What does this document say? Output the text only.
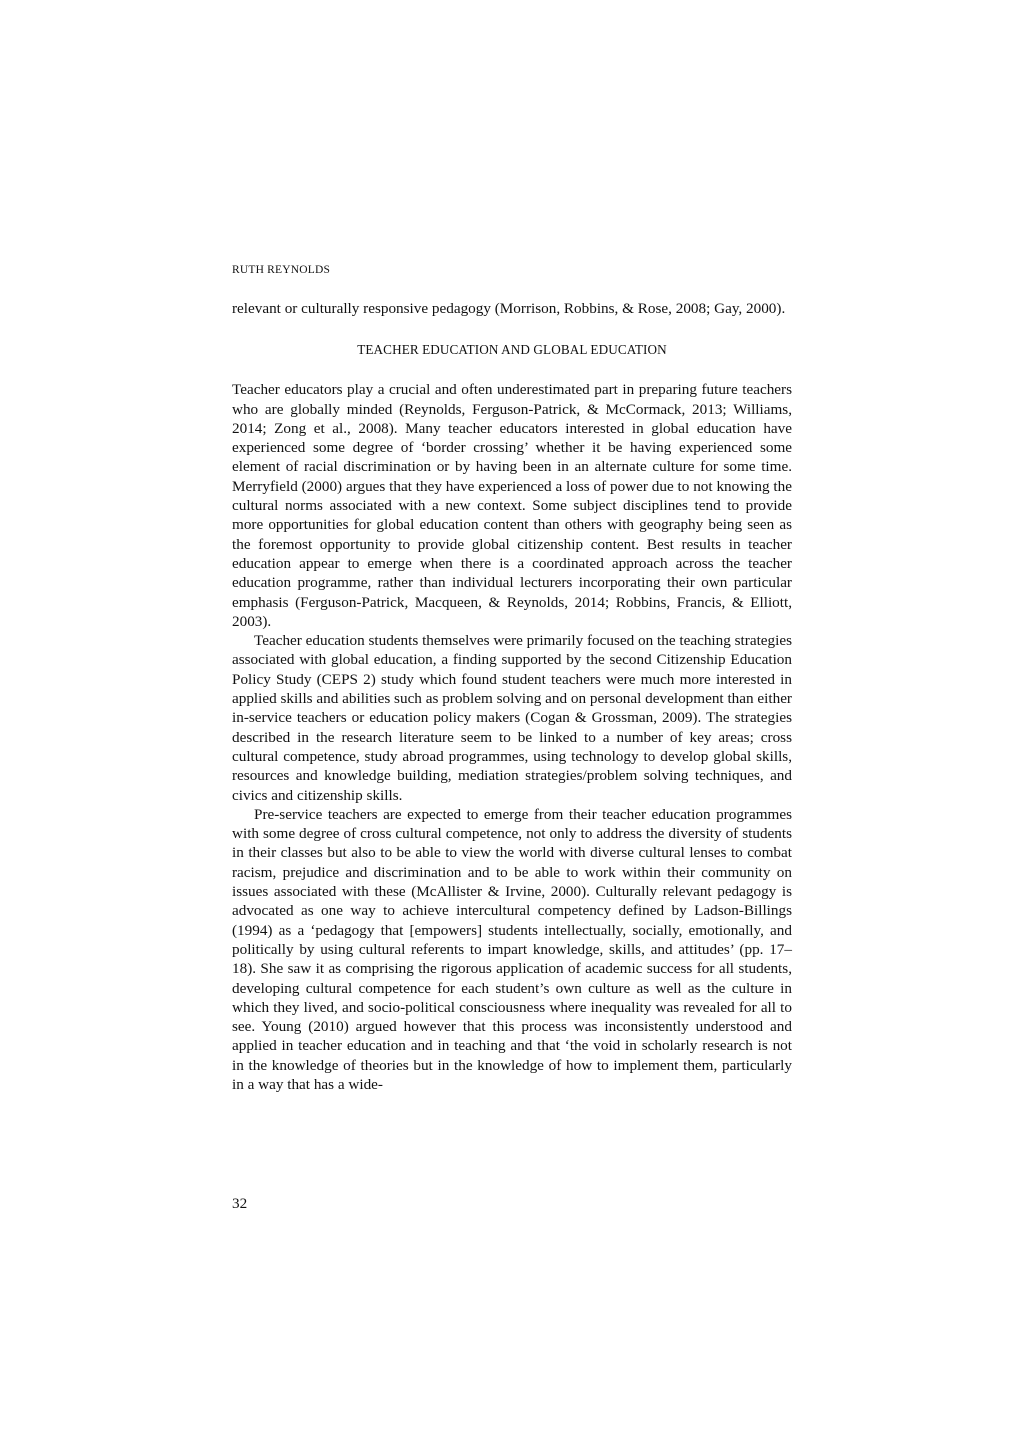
RUTH REYNOLDS

relevant or culturally responsive pedagogy (Morrison, Robbins, & Rose, 2008; Gay, 2000).

TEACHER EDUCATION AND GLOBAL EDUCATION

Teacher educators play a crucial and often underestimated part in preparing future teachers who are globally minded (Reynolds, Ferguson-Patrick, & McCormack, 2013; Williams, 2014; Zong et al., 2008). Many teacher educators interested in global education have experienced some degree of ‘border crossing’ whether it be having experienced some element of racial discrimination or by having been in an alternate culture for some time. Merryfield (2000) argues that they have experienced a loss of power due to not knowing the cultural norms associated with a new context. Some subject disciplines tend to provide more opportunities for global education content than others with geography being seen as the foremost opportunity to provide global citizenship content. Best results in teacher education appear to emerge when there is a coordinated approach across the teacher education programme, rather than individual lecturers incorporating their own particular emphasis (Ferguson-Patrick, Macqueen, & Reynolds, 2014; Robbins, Francis, & Elliott, 2003).

Teacher education students themselves were primarily focused on the teaching strategies associated with global education, a finding supported by the second Citizenship Education Policy Study (CEPS 2) study which found student teachers were much more interested in applied skills and abilities such as problem solving and on personal development than either in-service teachers or education policy makers (Cogan & Grossman, 2009). The strategies described in the research literature seem to be linked to a number of key areas; cross cultural competence, study abroad programmes, using technology to develop global skills, resources and knowledge building, mediation strategies/problem solving techniques, and civics and citizenship skills.

Pre-service teachers are expected to emerge from their teacher education programmes with some degree of cross cultural competence, not only to address the diversity of students in their classes but also to be able to view the world with diverse cultural lenses to combat racism, prejudice and discrimination and to be able to work within their community on issues associated with these (McAllister & Irvine, 2000). Culturally relevant pedagogy is advocated as one way to achieve intercultural competency defined by Ladson-Billings (1994) as a ‘pedagogy that [empowers] students intellectually, socially, emotionally, and politically by using cultural referents to impart knowledge, skills, and attitudes’ (pp. 17–18). She saw it as comprising the rigorous application of academic success for all students, developing cultural competence for each student’s own culture as well as the culture in which they lived, and socio-political consciousness where inequality was revealed for all to see. Young (2010) argued however that this process was inconsistently understood and applied in teacher education and in teaching and that ‘the void in scholarly research is not in the knowledge of theories but in the knowledge of how to implement them, particularly in a way that has a wide-

32
